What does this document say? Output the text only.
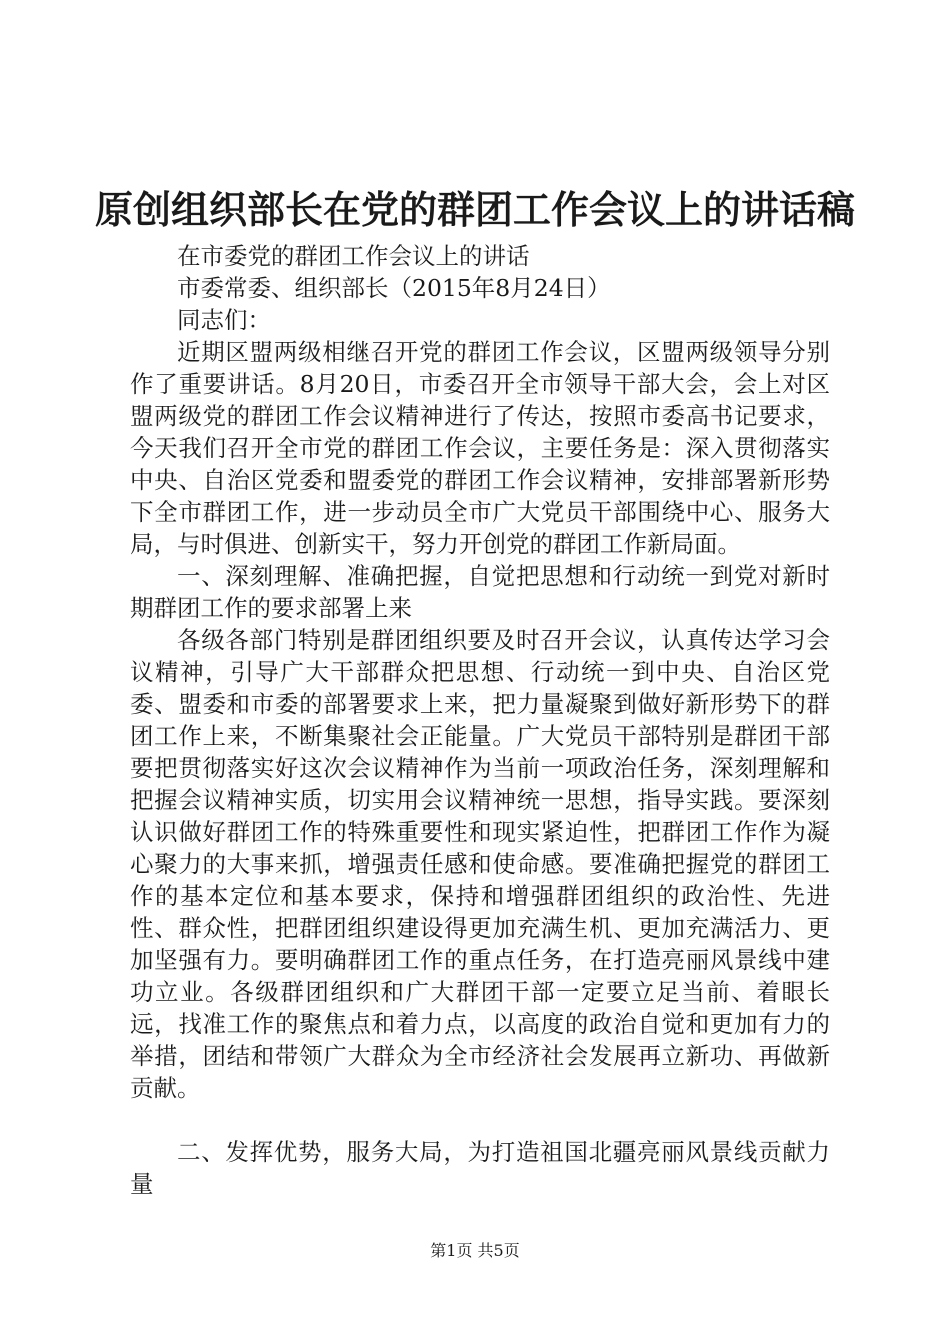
原创组织部长在党的群团工作会议上的讲话稿

在市委党的群团工作会议上的讲话

市委常委、组织部长（2015年8月24日）

同志们：

近期区盟两级相继召开党的群团工作会议，区盟两级领导分别作了重要讲话。8月20日，市委召开全市领导干部大会，会上对区盟两级党的群团工作会议精神进行了传达，按照市委高书记要求，今天我们召开全市党的群团工作会议，主要任务是：深入贯彻落实中央、自治区党委和盟委党的群团工作会议精神，安排部署新形势下全市群团工作，进一步动员全市广大党员干部围绕中心、服务大局，与时俱进、创新实干，努力开创党的群团工作新局面。

一、深刻理解、准确把握，自觉把思想和行动统一到党对新时期群团工作的要求部署上来

各级各部门特别是群团组织要及时召开会议，认真传达学习会议精神，引导广大干部群众把思想、行动统一到中央、自治区党委、盟委和市委的部署要求上来，把力量凝聚到做好新形势下的群团工作上来，不断集聚社会正能量。广大党员干部特别是群团干部要把贯彻落实好这次会议精神作为当前一项政治任务，深刻理解和把握会议精神实质，切实用会议精神统一思想，指导实践。要深刻认识做好群团工作的特殊重要性和现实紧迫性，把群团工作作为凝心聚力的大事来抓，增强责任感和使命感。要准确把握党的群团工作的基本定位和基本要求，保持和增强群团组织的政治性、先进性、群众性，把群团组织建设得更加充满生机、更加充满活力、更加坚强有力。要明确群团工作的重点任务，在打造亮丽风景线中建功立业。各级群团组织和广大群团干部一定要立足当前、着眼长远，找准工作的聚焦点和着力点，以高度的政治自觉和更加有力的举措，团结和带领广大群众为全市经济社会发展再立新功、再做新贡献。

二、发挥优势，服务大局，为打造祖国北疆亮丽风景线贡献力量

第1页 共5页
